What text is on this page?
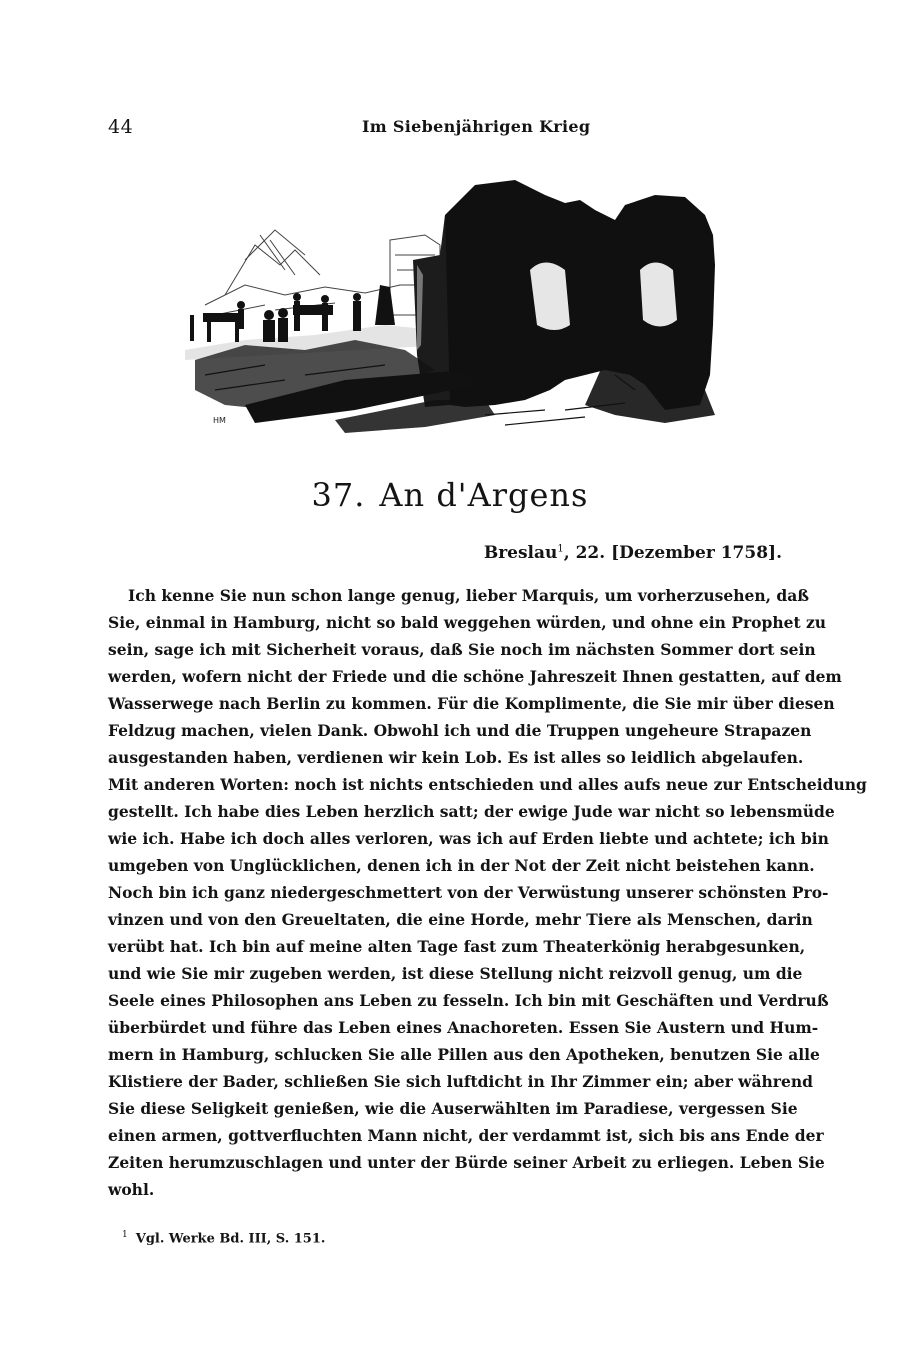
44	Im Siebenjährigen Krieg
HM
37. An d'Argens
Breslau$^1$, 22. [Dezember 1758].
Ich kenne Sie nun schon lange genug, lieber Marquis, um vorherzusehen, daß
Sie, einmal in Hamburg, nicht so bald weggehen würden, und ohne ein Prophet zu
sein, sage ich mit Sicherheit voraus, daß Sie noch im nächsten Sommer dort sein
werden, wofern nicht der Friede und die schöne Jahreszeit Ihnen gestatten, auf dem
Wasserwege nach Berlin zu kommen. Für die Komplimente, die Sie mir über diesen
Feldzug machen, vielen Dank. Obwohl ich und die Truppen ungeheure Strapazen
ausgestanden haben, verdienen wir kein Lob. Es ist alles so leidlich abgelaufen.
Mit anderen Worten: noch ist nichts entschieden und alles aufs neue zur Entscheidung
gestellt. Ich habe dies Leben herzlich satt; der ewige Jude war nicht so lebensmüde
wie ich. Habe ich doch alles verloren, was ich auf Erden liebte und achtete; ich bin
umgeben von Unglücklichen, denen ich in der Not der Zeit nicht beistehen kann.
Noch bin ich ganz niedergeschmettert von der Verwüstung unserer schönsten Pro-
vinzen und von den Greueltaten, die eine Horde, mehr Tiere als Menschen, darin
verübt hat. Ich bin auf meine alten Tage fast zum Theaterkönig herabgesunken,
und wie Sie mir zugeben werden, ist diese Stellung nicht reizvoll genug, um die
Seele eines Philosophen ans Leben zu fesseln. Ich bin mit Geschäften und Verdruß
überbürdet und führe das Leben eines Anachoreten. Essen Sie Austern und Hum-
mern in Hamburg, schlucken Sie alle Pillen aus den Apotheken, benutzen Sie alle
Klistiere der Bader, schließen Sie sich luftdicht in Ihr Zimmer ein; aber während
Sie diese Seligkeit genießen, wie die Auserwählten im Paradiese, vergessen Sie
einen armen, gottverfluchten Mann nicht, der verdammt ist, sich bis ans Ende der
Zeiten herumzuschlagen und unter der Bürde seiner Arbeit zu erliegen. Leben Sie
wohl.
$^1$ Vgl. Werke Bd. III, S. 151.
